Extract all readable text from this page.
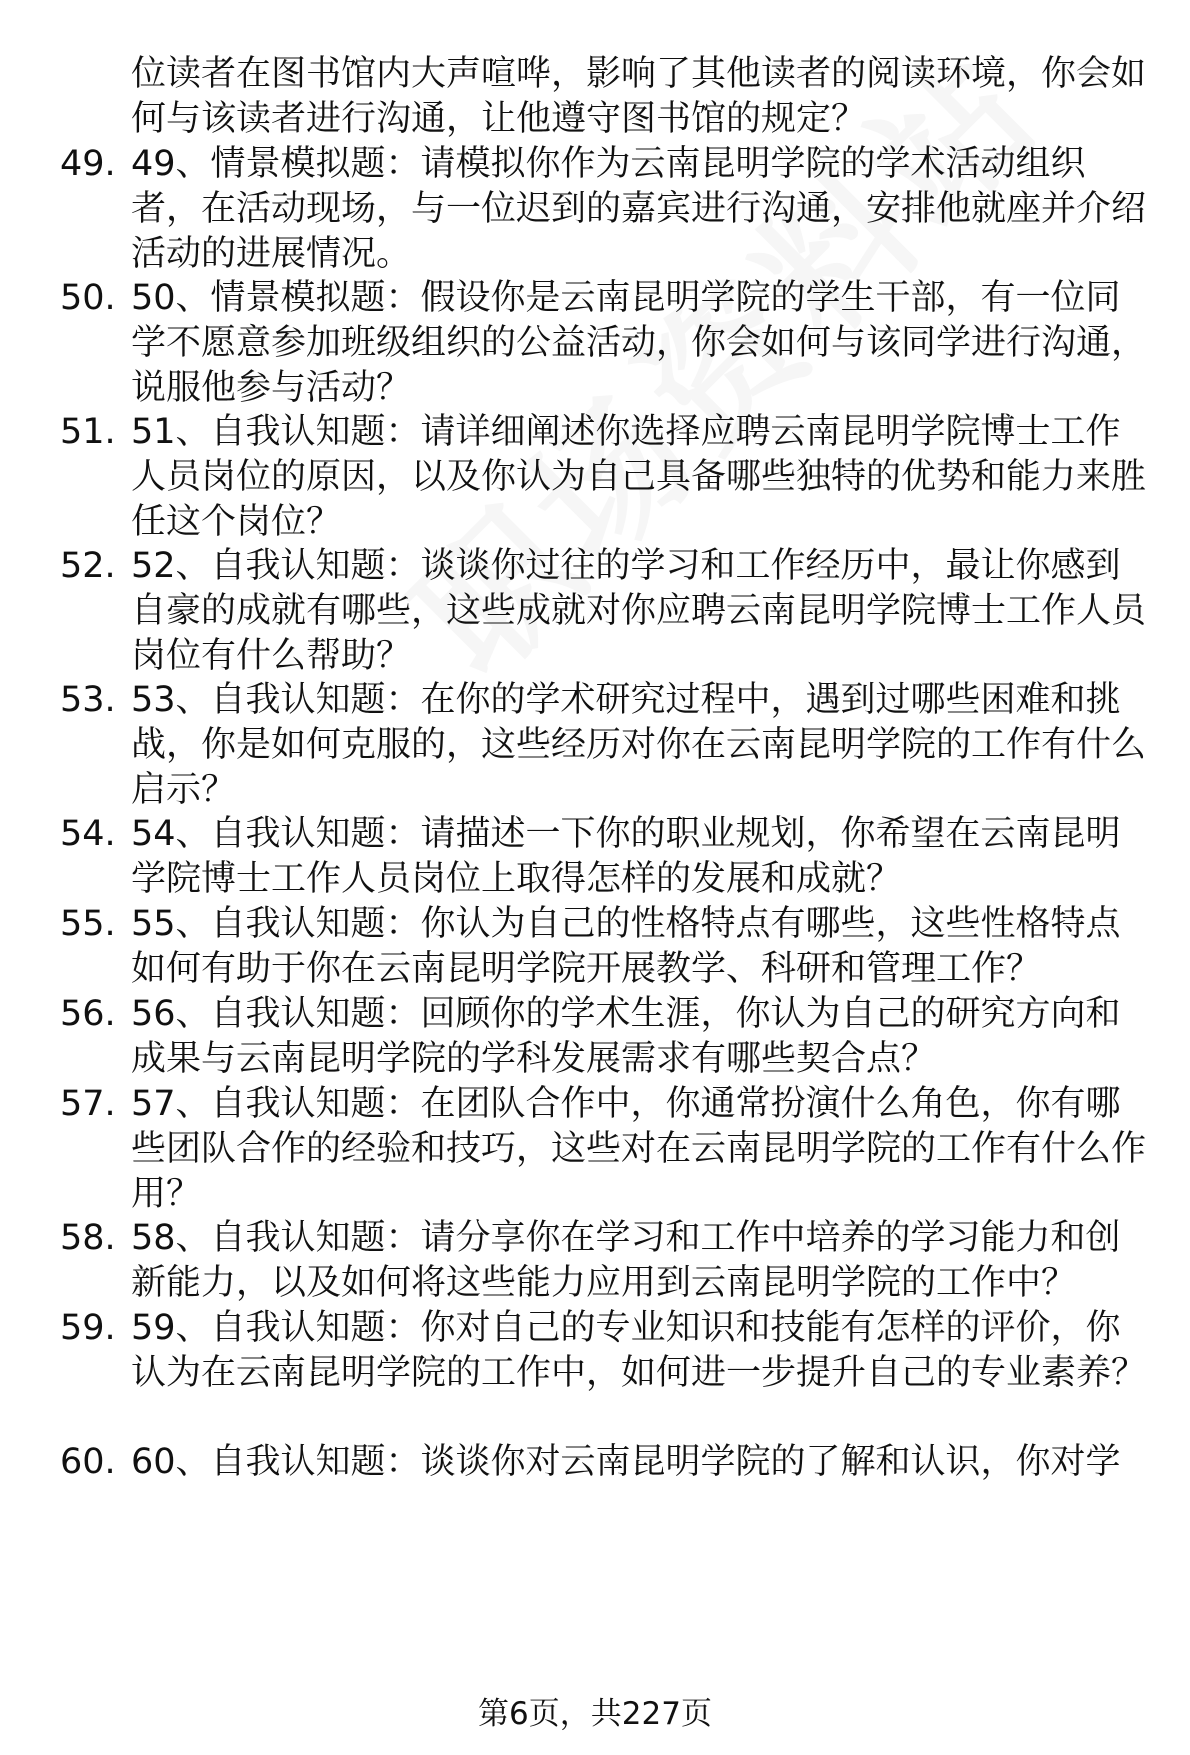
位读者在图书馆内大声喧哗，影响了其他读者的阅读环境，你会如何与该读者进行沟通，让他遵守图书馆的规定？
49. 49、情景模拟题：请模拟你作为云南昆明学院的学术活动组织者，在活动现场，与一位迟到的嘉宾进行沟通，安排他就座并介绍活动的进展情况。
50. 50、情景模拟题：假设你是云南昆明学院的学生干部，有一位同学不愿意参加班级组织的公益活动，你会如何与该同学进行沟通，说服他参与活动？
51. 51、自我认知题：请详细阐述你选择应聘云南昆明学院博士工作人员岗位的原因，以及你认为自己具备哪些独特的优势和能力来胜任这个岗位？
52. 52、自我认知题：谈谈你过往的学习和工作经历中，最让你感到自豪的成就有哪些，这些成就对你应聘云南昆明学院博士工作人员岗位有什么帮助？
53. 53、自我认知题：在你的学术研究过程中，遇到过哪些困难和挑战，你是如何克服的，这些经历对你在云南昆明学院的工作有什么启示？
54. 54、自我认知题：请描述一下你的职业规划，你希望在云南昆明学院博士工作人员岗位上取得怎样的发展和成就？
55. 55、自我认知题：你认为自己的性格特点有哪些，这些性格特点如何有助于你在云南昆明学院开展教学、科研和管理工作？
56. 56、自我认知题：回顾你的学术生涯，你认为自己的研究方向和成果与云南昆明学院的学科发展需求有哪些契合点？
57. 57、自我认知题：在团队合作中，你通常扮演什么角色，你有哪些团队合作的经验和技巧，这些对在云南昆明学院的工作有什么作用？
58. 58、自我认知题：请分享你在学习和工作中培养的学习能力和创新能力，以及如何将这些能力应用到云南昆明学院的工作中？
59. 59、自我认知题：你对自己的专业知识和技能有怎样的评价，你认为在云南昆明学院的工作中，如何进一步提升自己的专业素养？
60. 60、自我认知题：谈谈你对云南昆明学院的了解和认识，你对学
第6页，共227页
